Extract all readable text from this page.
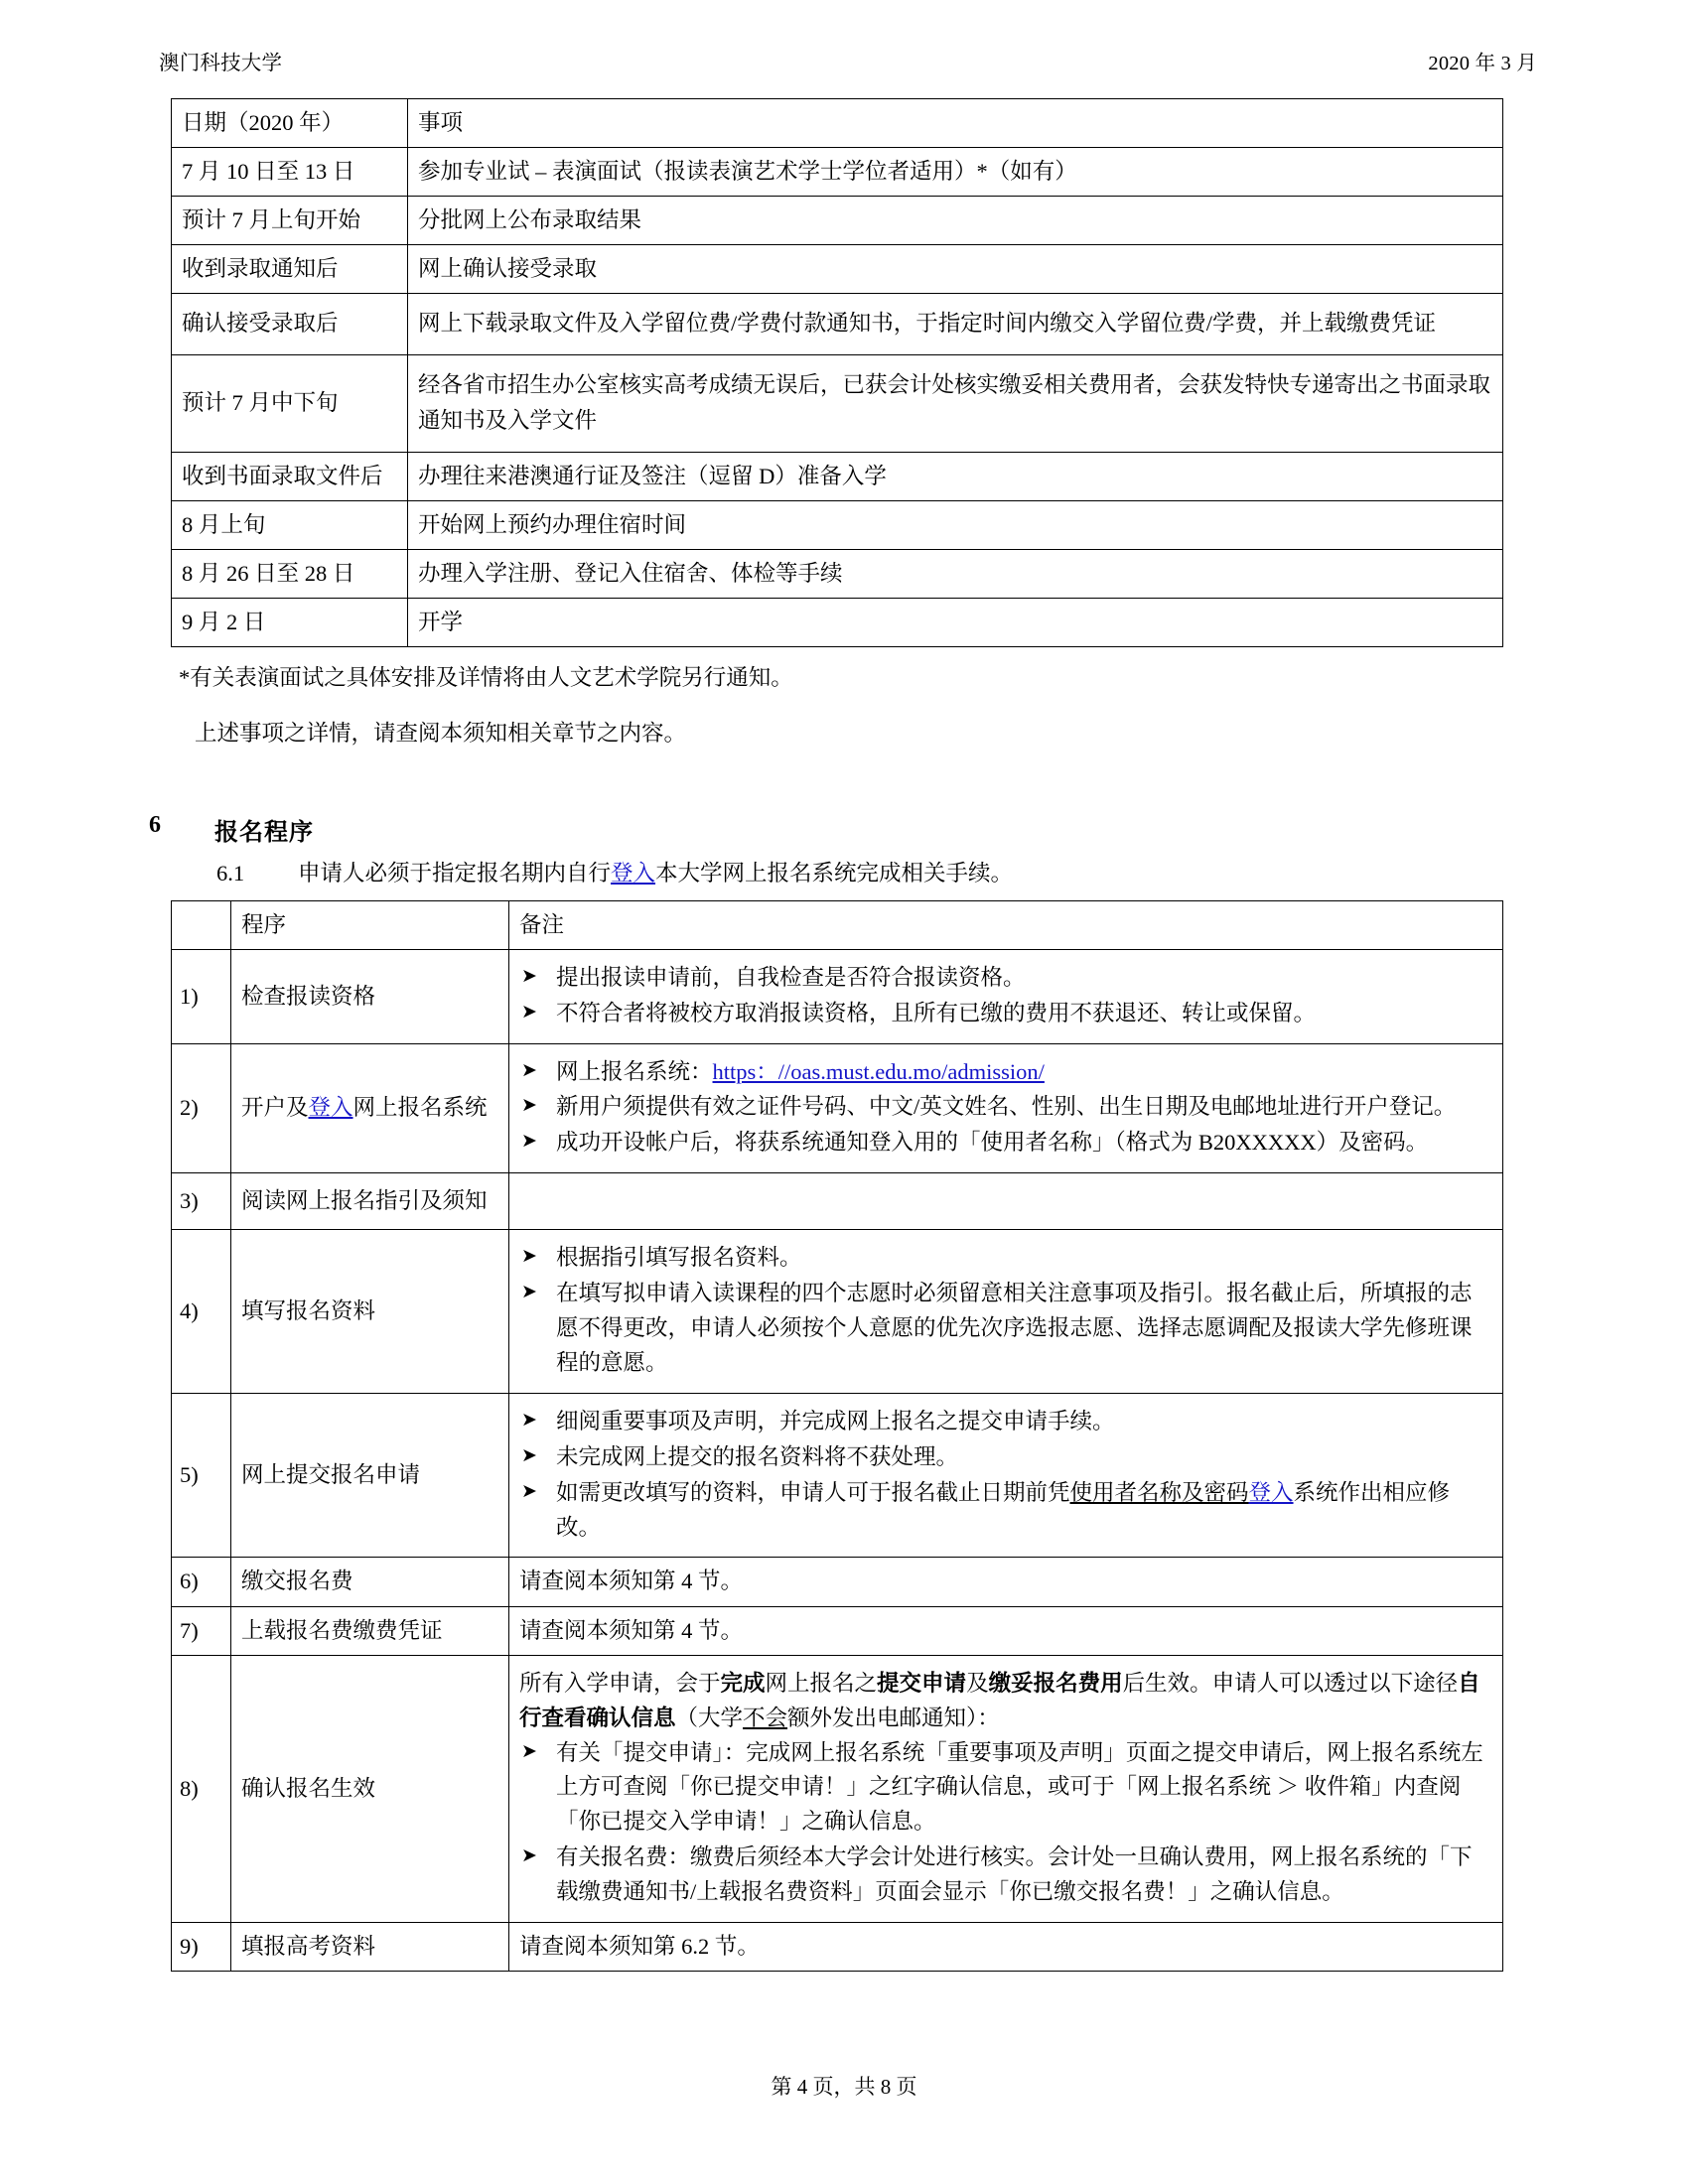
澳门科技大学	2020 年 3 月
日期（2020 年）	事项
7 月 10 日至 13 日	参加专业试 – 表演面试（报读表演艺术学士学位者适用）*（如有）
预计 7 月上旬开始	分批网上公布录取结果
收到录取通知后	网上确认接受录取
确认接受录取后	网上下载录取文件及入学留位费/学费付款通知书，于指定时间内缴交入学留位费/学费，并上载缴费凭证
预计 7 月中下旬	经各省市招生办公室核实高考成绩无误后，已获会计处核实缴妥相关费用者，会获发特快专递寄出之书面录取通知书及入学文件
收到书面录取文件后	办理往来港澳通行证及签注（逗留 D）准备入学
8 月上旬	开始网上预约办理住宿时间
8 月 26 日至 28 日	办理入学注册、登记入住宿舍、体检等手续
9 月 2 日	开学
*有关表演面试之具体安排及详情将由人文艺术学院另行通知。
上述事项之详情，请查阅本须知相关章节之内容。
6	报名程序
6.1	申请人必须于指定报名期内自行登入本大学网上报名系统完成相关手续。
	程序	备注
1)	检查报读资格	
➤ 提出报读申请前，自我检查是否符合报读资格。
➤ 不符合者将被校方取消报读资格，且所有已缴的费用不获退还、转让或保留。

2)	开户及登入网上报名系统	
➤ 网上报名系统：https：//oas.must.edu.mo/admission/
➤ 新用户须提供有效之证件号码、中文/英文姓名、性别、出生日期及电邮地址进行开户登记。
➤ 成功开设帐户后，将获系统通知登入用的「使用者名称」（格式为 B20XXXXX）及密码。

3)	阅读网上报名指引及须知	
4)	填写报名资料	
➤ 根据指引填写报名资料。
➤ 在填写拟申请入读课程的四个志愿时必须留意相关注意事项及指引。报名截止后，所填报的志愿不得更改，申请人必须按个人意愿的优先次序选报志愿、选择志愿调配及报读大学先修班课程的意愿。

5)	网上提交报名申请	
➤ 细阅重要事项及声明，并完成网上报名之提交申请手续。
➤ 未完成网上提交的报名资料将不获处理。
➤ 如需更改填写的资料，申请人可于报名截止日期前凭使用者名称及密码登入系统作出相应修改。

6)	缴交报名费	请查阅本须知第 4 节。
7)	上载报名费缴费凭证	请查阅本须知第 4 节。
8)	确认报名生效	

所有入学申请，会于完成网上报名之提交申请及缴妥报名费用后生效。申请人可以透过以下途径自行查看确认信息（大学不会额外发出电邮通知）：

➤ 有关「提交申请」：完成网上报名系统「重要事项及声明」页面之提交申请后，网上报名系统左上方可查阅「你已提交申请！」之红字确认信息，或可于「网上报名系统 ＞ 收件箱」内查阅「你已提交入学申请！」之确认信息。
➤ 有关报名费：缴费后须经本大学会计处进行核实。会计处一旦确认费用，网上报名系统的「下载缴费通知书/上载报名费资料」页面会显示「你已缴交报名费！」之确认信息。

9)	填报高考资料	请查阅本须知第 6.2 节。
第 4 页，共 8 页
